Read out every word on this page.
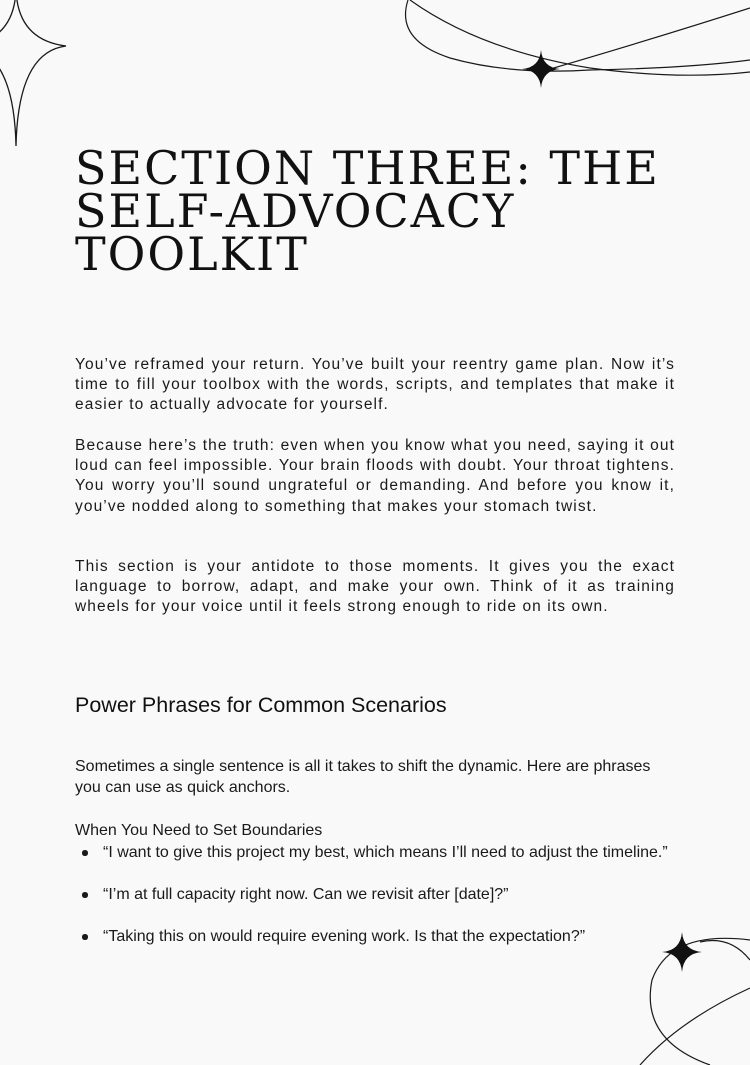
SECTION THREE: THE
SELF-ADVOCACY
TOOLKIT

You’ve reframed your return. You’ve built your reentry game plan. Now it’s time to fill your toolbox with the words, scripts, and templates that make it easier to actually advocate for yourself.

Because here’s the truth: even when you know what you need, saying it out loud can feel impossible. Your brain floods with doubt. Your throat tightens. You worry you’ll sound ungrateful or demanding. And before you know it, you’ve nodded along to something that makes your stomach twist.

This section is your antidote to those moments. It gives you the exact language to borrow, adapt, and make your own. Think of it as training wheels for your voice until it feels strong enough to ride on its own.

Power Phrases for Common Scenarios

Sometimes a single sentence is all it takes to shift the dynamic. Here are phrases you can use as quick anchors.

When You Need to Set Boundaries

“I want to give this project my best, which means I’ll need to adjust the timeline.”
“I’m at full capacity right now. Can we revisit after [date]?”
“Taking this on would require evening work. Is that the expectation?”
